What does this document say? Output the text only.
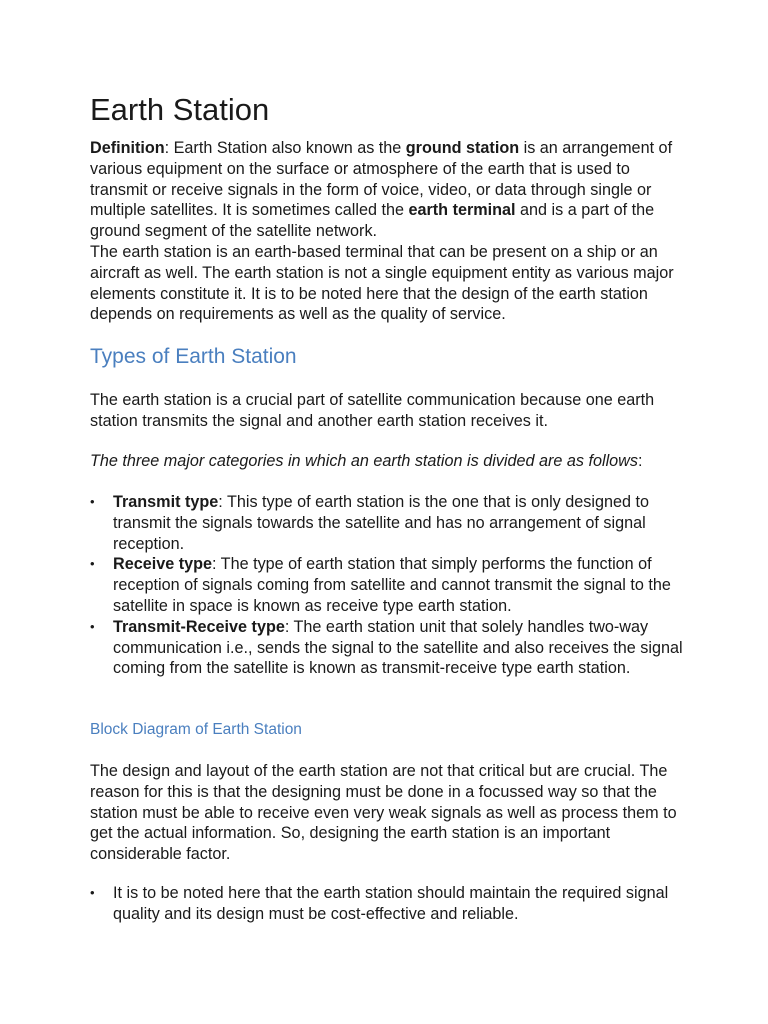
Earth Station

Definition: Earth Station also known as the ground station is an arrangement of various equipment on the surface or atmosphere of the earth that is used to transmit or receive signals in the form of voice, video, or data through single or multiple satellites. It is sometimes called the earth terminal and is a part of the ground segment of the satellite network.

The earth station is an earth-based terminal that can be present on a ship or an aircraft as well. The earth station is not a single equipment entity as various major elements constitute it. It is to be noted here that the design of the earth station depends on requirements as well as the quality of service.

Types of Earth Station

The earth station is a crucial part of satellite communication because one earth station transmits the signal and another earth station receives it.

The three major categories in which an earth station is divided are as follows:

• Transmit type: This type of earth station is the one that is only designed to transmit the signals towards the satellite and has no arrangement of signal reception.
• Receive type: The type of earth station that simply performs the function of reception of signals coming from satellite and cannot transmit the signal to the satellite in space is known as receive type earth station.
• Transmit-Receive type: The earth station unit that solely handles two-way communication i.e., sends the signal to the satellite and also receives the signal coming from the satellite is known as transmit-receive type earth station.
Block Diagram of Earth Station

The design and layout of the earth station are not that critical but are crucial. The reason for this is that the designing must be done in a focussed way so that the station must be able to receive even very weak signals as well as process them to get the actual information. So, designing the earth station is an important considerable factor.

• It is to be noted here that the earth station should maintain the required signal quality and its design must be cost-effective and reliable.
